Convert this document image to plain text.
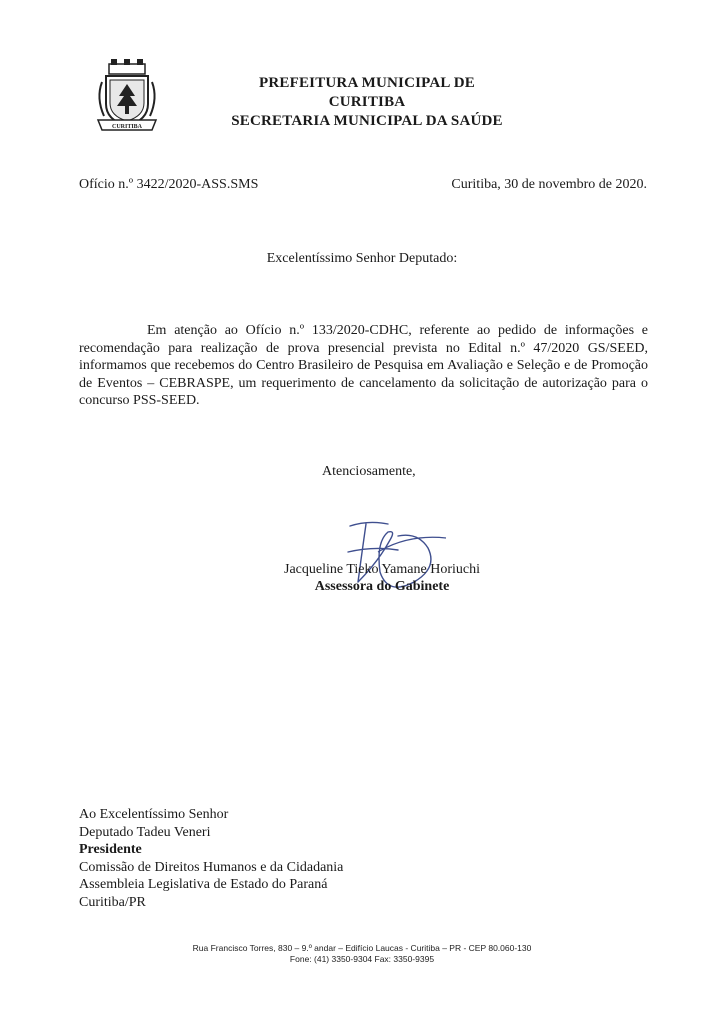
CURITIBA
PREFEITURA MUNICIPAL DE CURITIBA
SECRETARIA MUNICIPAL DA SAÚDE
Ofício n.º 3422/2020-ASS.SMS	Curitiba, 30 de novembro de 2020.
Excelentíssimo Senhor Deputado:
Em atenção ao Ofício n.º 133/2020-CDHC, referente ao pedido de informações e recomendação para realização de prova presencial prevista no Edital n.º 47/2020 GS/SEED, informamos que recebemos do Centro Brasileiro de Pesquisa em Avaliação e Seleção e de Promoção de Eventos – CEBRASPE, um requerimento de cancelamento da solicitação de autorização para o concurso PSS-SEED.
Atenciosamente,
Jacqueline Tieko Yamane Horiuchi
Assessora do Gabinete
Ao Excelentíssimo Senhor
Deputado Tadeu Veneri
Presidente
Comissão de Direitos Humanos e da Cidadania
Assembleia Legislativa de Estado do Paraná
Curitiba/PR
Rua Francisco Torres, 830 – 9.º andar – Edifício Laucas - Curitiba – PR - CEP 80.060-130
Fone: (41) 3350-9304 Fax: 3350-9395
